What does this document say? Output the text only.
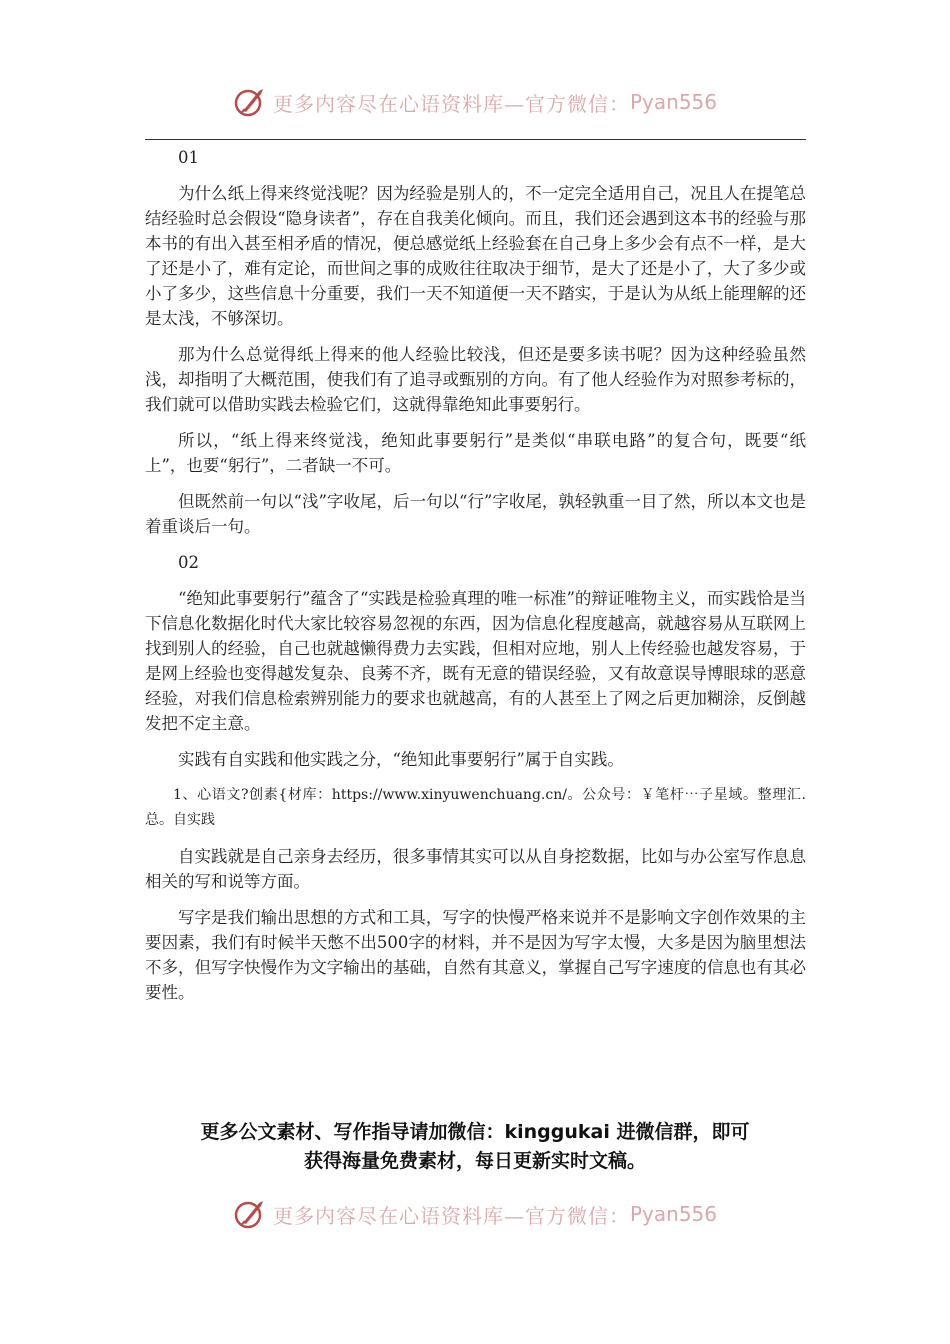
更多内容尽在心语资料库—官方微信： Pyan556

01

为什么纸上得来终觉浅呢？因为经验是别人的，不一定完全适用自己，况且人在提笔总结经验时总会假设“隐身读者”，存在自我美化倾向。而且，我们还会遇到这本书的经验与那本书的有出入甚至相矛盾的情况，便总感觉纸上经验套在自己身上多少会有点不一样，是大了还是小了，难有定论，而世间之事的成败往往取决于细节，是大了还是小了，大了多少或小了多少，这些信息十分重要，我们一天不知道便一天不踏实，于是认为从纸上能理解的还是太浅，不够深切。

那为什么总觉得纸上得来的他人经验比较浅，但还是要多读书呢？因为这种经验虽然浅，却指明了大概范围，使我们有了追寻或甄别的方向。有了他人经验作为对照参考标的，我们就可以借助实践去检验它们，这就得靠绝知此事要躬行。

所以，“纸上得来终觉浅，绝知此事要躬行”是类似“串联电路”的复合句，既要“纸上”，也要“躬行”，二者缺一不可。

但既然前一句以“浅”字收尾，后一句以“行”字收尾，孰轻孰重一目了然，所以本文也是着重谈后一句。

02

“绝知此事要躬行”蕴含了“实践是检验真理的唯一标准”的辩证唯物主义，而实践恰是当下信息化数据化时代大家比较容易忽视的东西，因为信息化程度越高，就越容易从互联网上找到别人的经验，自己也就越懒得费力去实践，但相对应地，别人上传经验也越发容易，于是网上经验也变得越发复杂、良莠不齐，既有无意的错误经验，又有故意误导博眼球的恶意经验，对我们信息检索辨别能力的要求也就越高，有的人甚至上了网之后更加糊涂，反倒越发把不定主意。

实践有自实践和他实践之分，“绝知此事要躬行”属于自实践。

1、心语文?创素{材库：https://www.xinyuwenchuang.cn/。公众号：￥笔杆⋯子星域。整理汇.总。自实践

自实践就是自己亲身去经历，很多事情其实可以从自身挖数据，比如与办公室写作息息相关的写和说等方面。

写字是我们输出思想的方式和工具，写字的快慢严格来说并不是影响文字创作效果的主要因素，我们有时候半天憋不出500字的材料，并不是因为写字太慢，大多是因为脑里想法不多，但写字快慢作为文字输出的基础，自然有其意义，掌握自己写字速度的信息也有其必要性。

更多公文素材、写作指导请加微信：kinggukai 进微信群，即可
获得海量免费素材，每日更新实时文稿。
更多内容尽在心语资料库—官方微信： Pyan556
